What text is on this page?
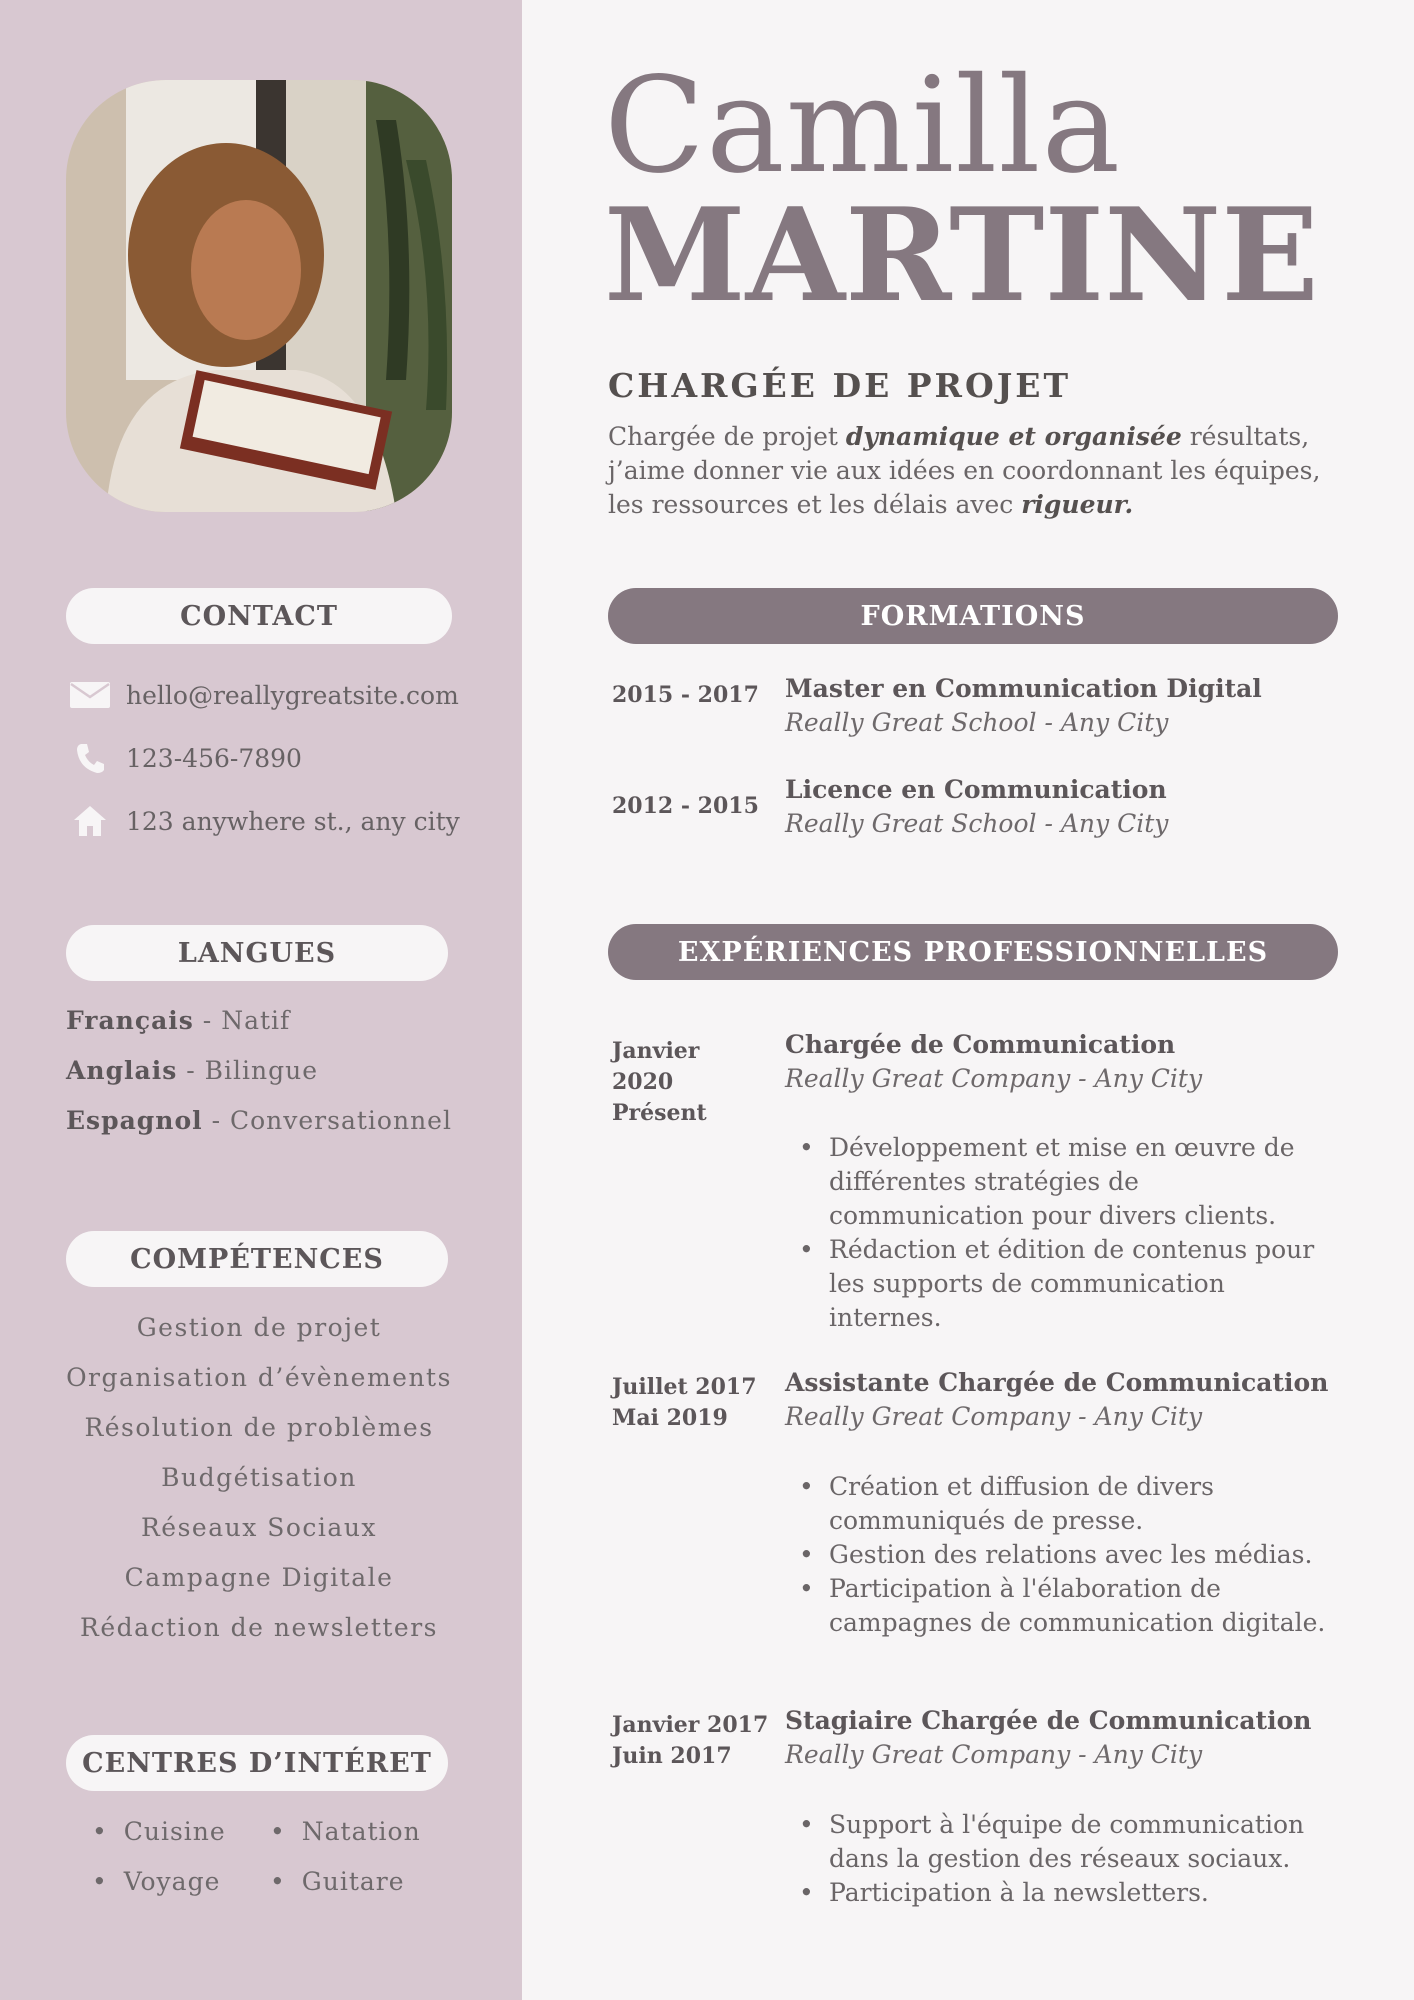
CONTACT
hello@reallygreatsite.com
123-456-7890
123 anywhere st., any city
LANGUES
Français - Natif
Anglais - Bilingue
Espagnol - Conversationnel
COMPÉTENCES
Gestion de projet
Organisation d’évènements
Résolution de problèmes
Budgétisation
Réseaux Sociaux
Campagne Digitale
Rédaction de newsletters
CENTRES D’INTÉRET
• Cuisine	• Natation
• Voyage	• Guitare
Camilla
MARTINE
CHARGÉE DE PROJET
Chargée de projet dynamique et organisée résultats, j’aime donner vie aux idées en coordonnant les équipes, les ressources et les délais avec rigueur.
FORMATIONS
2015 - 2017 Master en Communication Digital
Really Great School - Any City
2012 - 2015
Licence en Communication
Really Great School - Any City
EXPÉRIENCES PROFESSIONNELLES
Janvier
2020
Présent
Chargée de Communication
Really Great Company - Any City
• Développement et mise en œuvre de différentes stratégies de communication pour divers clients.
• Rédaction et édition de contenus pour les supports de communication internes.
Juillet 2017
Mai 2019
Assistante Chargée de Communication
Really Great Company - Any City
• Création et diffusion de divers communiqués de presse.
• Gestion des relations avec les médias.
• Participation à l'élaboration de campagnes de communication digitale.
Janvier 2017
Juin 2017
Stagiaire Chargée de Communication
Really Great Company - Any City
• Support à l'équipe de communication dans la gestion des réseaux sociaux.
• Participation à la newsletters.
